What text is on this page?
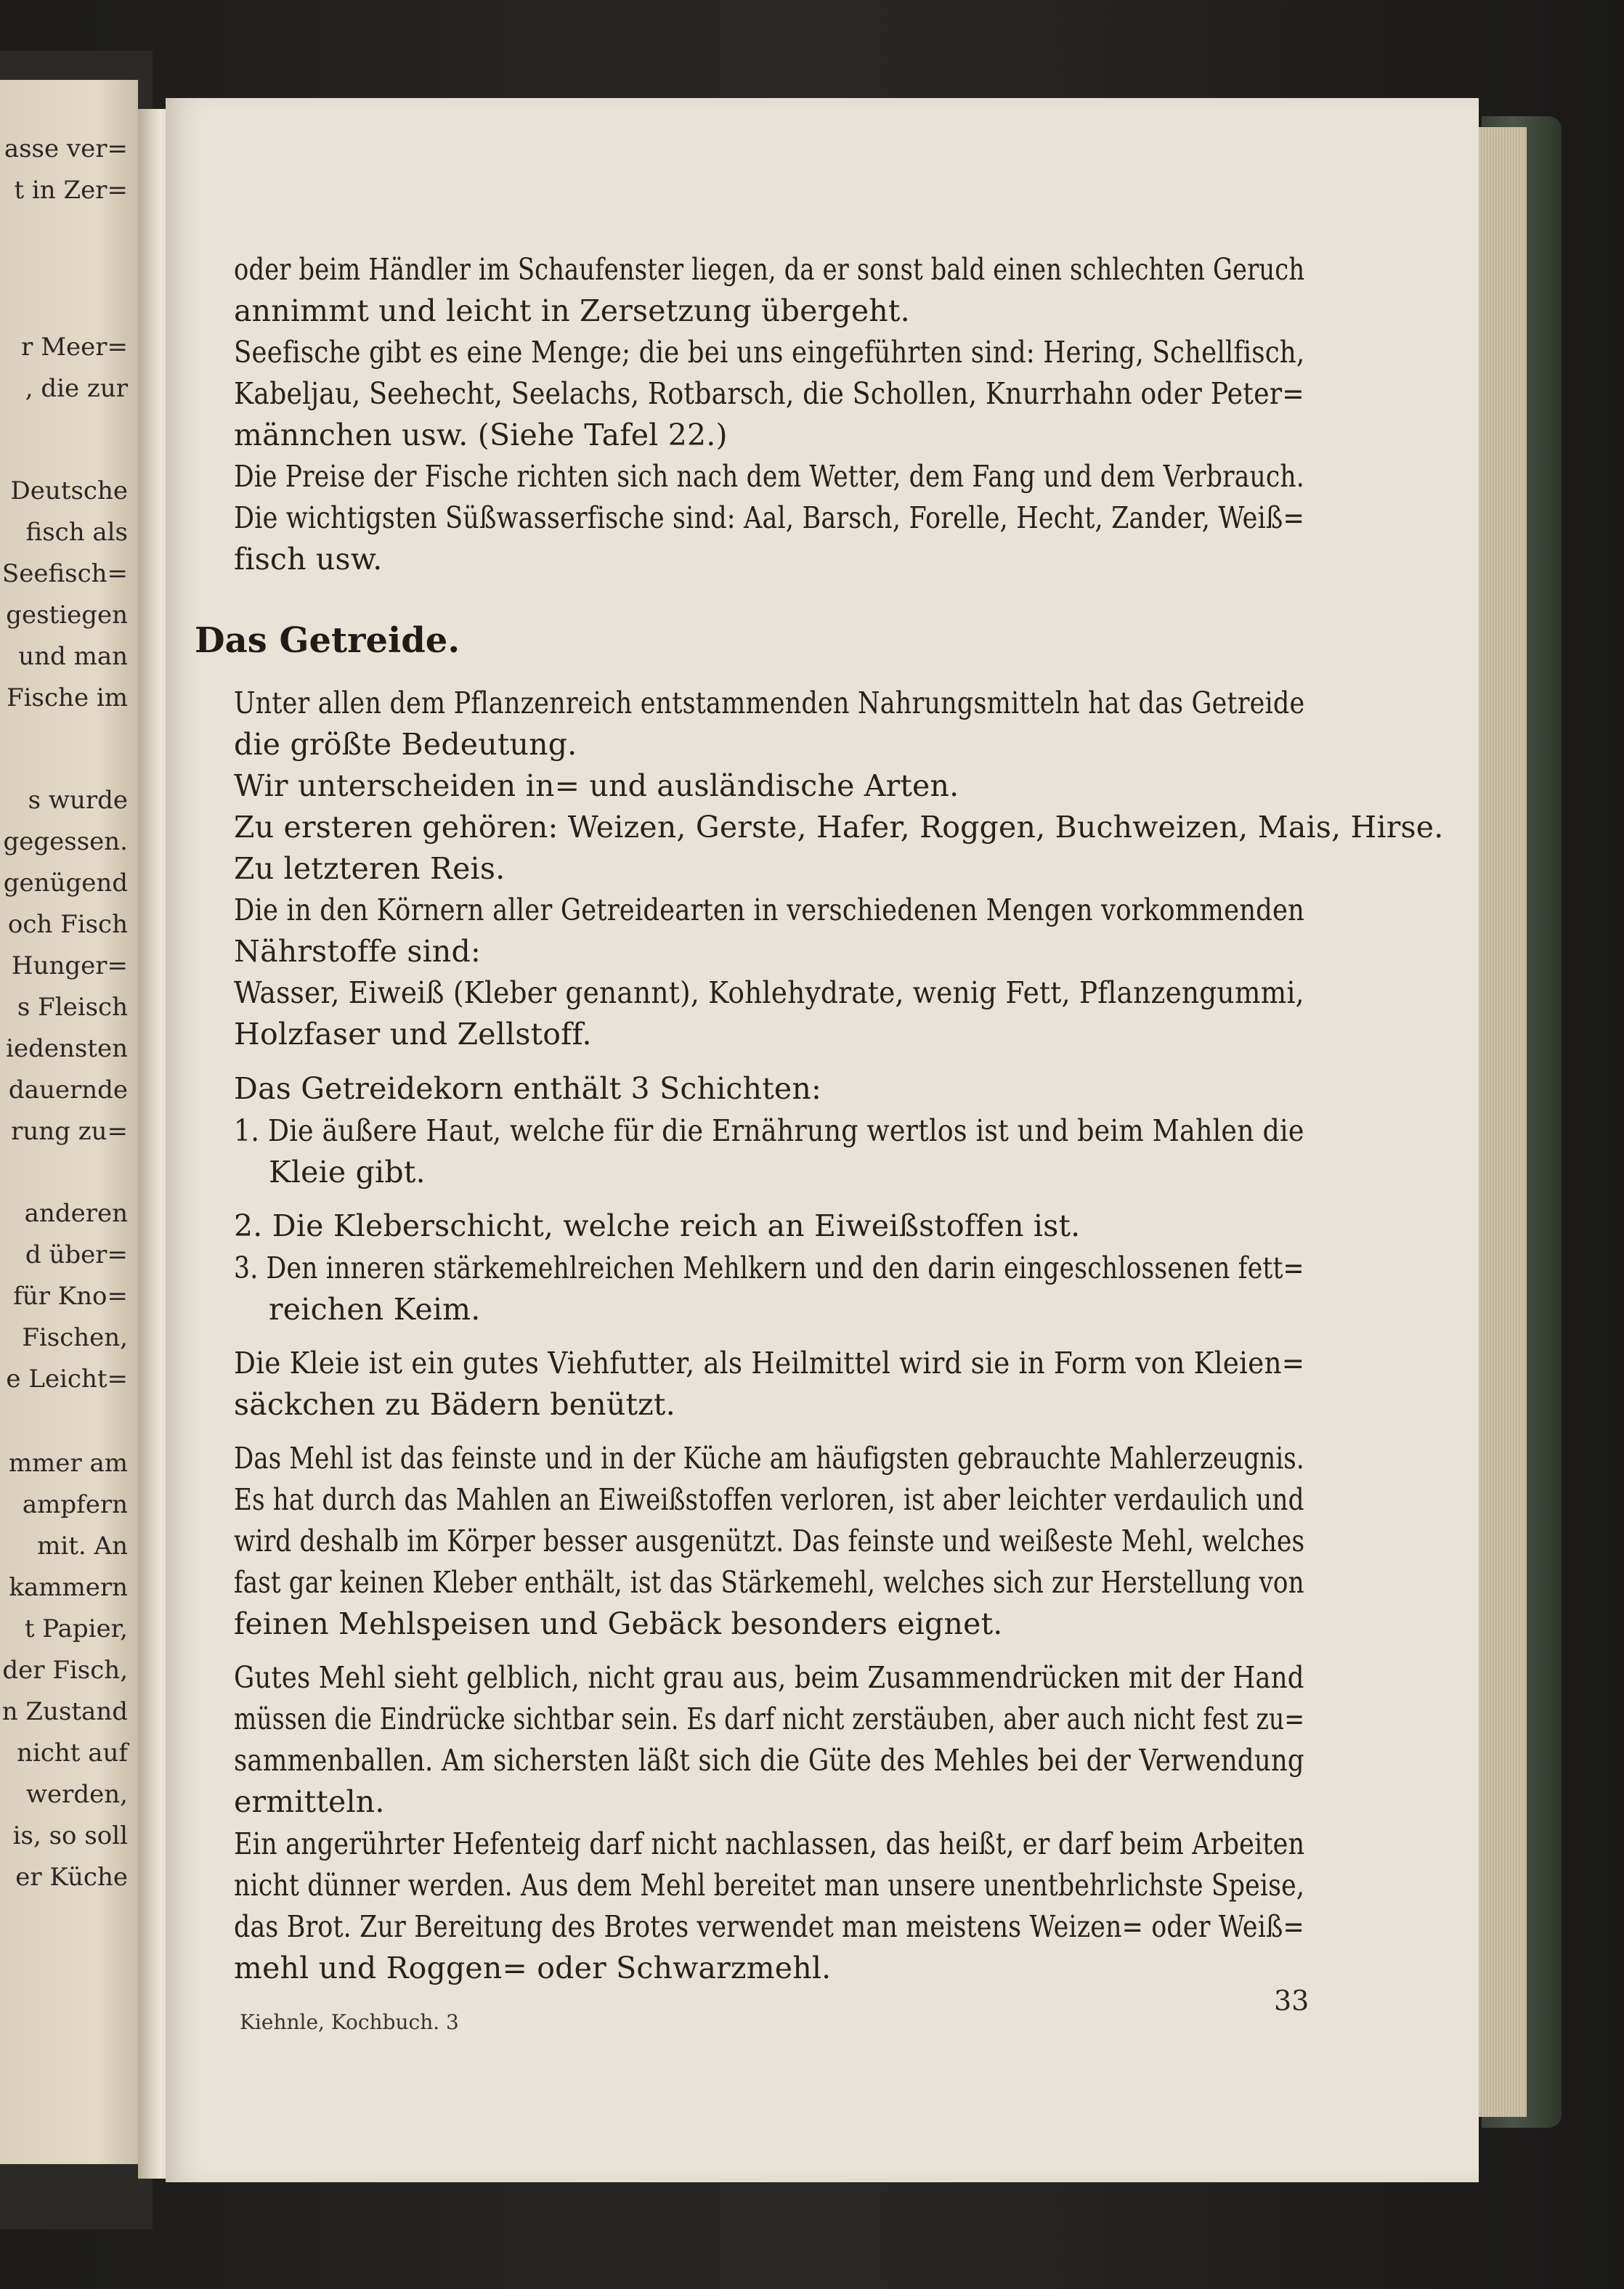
asse ver=
t in Zer=
r Meer=
, die zur
Deutsche
fisch als
Seefisch=
gestiegen
und man
Fische im
s wurde
gegessen.
genügend
och Fisch
Hunger=
s Fleisch
iedensten
dauernde
rung zu=
anderen
d über=
für Kno=
Fischen,
e Leicht=
mmer am
ampfern
mit. An
kammern
t Papier,
der Fisch,
n Zustand
nicht auf
werden,
is, so soll
er Küche
Das Getreide.
Kiehnle, Kochbuch. 3
33
oder beim Händler im Schaufenster liegen, da er sonst bald einen schlechten Geruch
annimmt und leicht in Zersetzung übergeht.
Seefische gibt es eine Menge; die bei uns eingeführten sind: Hering, Schellfisch,
Kabeljau, Seehecht, Seelachs, Rotbarsch, die Schollen, Knurrhahn oder Peter=
männchen usw. (Siehe Tafel 22.)
Die Preise der Fische richten sich nach dem Wetter, dem Fang und dem Verbrauch.
Die wichtigsten Süßwasserfische sind: Aal, Barsch, Forelle, Hecht, Zander, Weiß=
fisch usw.
Unter allen dem Pflanzenreich entstammenden Nahrungsmitteln hat das Getreide
die größte Bedeutung.
Wir unterscheiden in= und ausländische Arten.
Zu ersteren gehören: Weizen, Gerste, Hafer, Roggen, Buchweizen, Mais, Hirse.
Zu letzteren Reis.
Die in den Körnern aller Getreidearten in verschiedenen Mengen vorkommenden
Nährstoffe sind:
Wasser, Eiweiß (Kleber genannt), Kohlehydrate, wenig Fett, Pflanzengummi,
Holzfaser und Zellstoff.
Das Getreidekorn enthält 3 Schichten:
1. Die äußere Haut, welche für die Ernährung wertlos ist und beim Mahlen die
Kleie gibt.
2. Die Kleberschicht, welche reich an Eiweißstoffen ist.
3. Den inneren stärkemehlreichen Mehlkern und den darin eingeschlossenen fett=
reichen Keim.
Die Kleie ist ein gutes Viehfutter, als Heilmittel wird sie in Form von Kleien=
säckchen zu Bädern benützt.
Das Mehl ist das feinste und in der Küche am häufigsten gebrauchte Mahlerzeugnis.
Es hat durch das Mahlen an Eiweißstoffen verloren, ist aber leichter verdaulich und
wird deshalb im Körper besser ausgenützt. Das feinste und weißeste Mehl, welches
fast gar keinen Kleber enthält, ist das Stärkemehl, welches sich zur Herstellung von
feinen Mehlspeisen und Gebäck besonders eignet.
Gutes Mehl sieht gelblich, nicht grau aus, beim Zusammendrücken mit der Hand
müssen die Eindrücke sichtbar sein. Es darf nicht zerstäuben, aber auch nicht fest zu=
sammenballen. Am sichersten läßt sich die Güte des Mehles bei der Verwendung
ermitteln.
Ein angerührter Hefenteig darf nicht nachlassen, das heißt, er darf beim Arbeiten
nicht dünner werden. Aus dem Mehl bereitet man unsere unentbehrlichste Speise,
das Brot. Zur Bereitung des Brotes verwendet man meistens Weizen= oder Weiß=
mehl und Roggen= oder Schwarzmehl.
